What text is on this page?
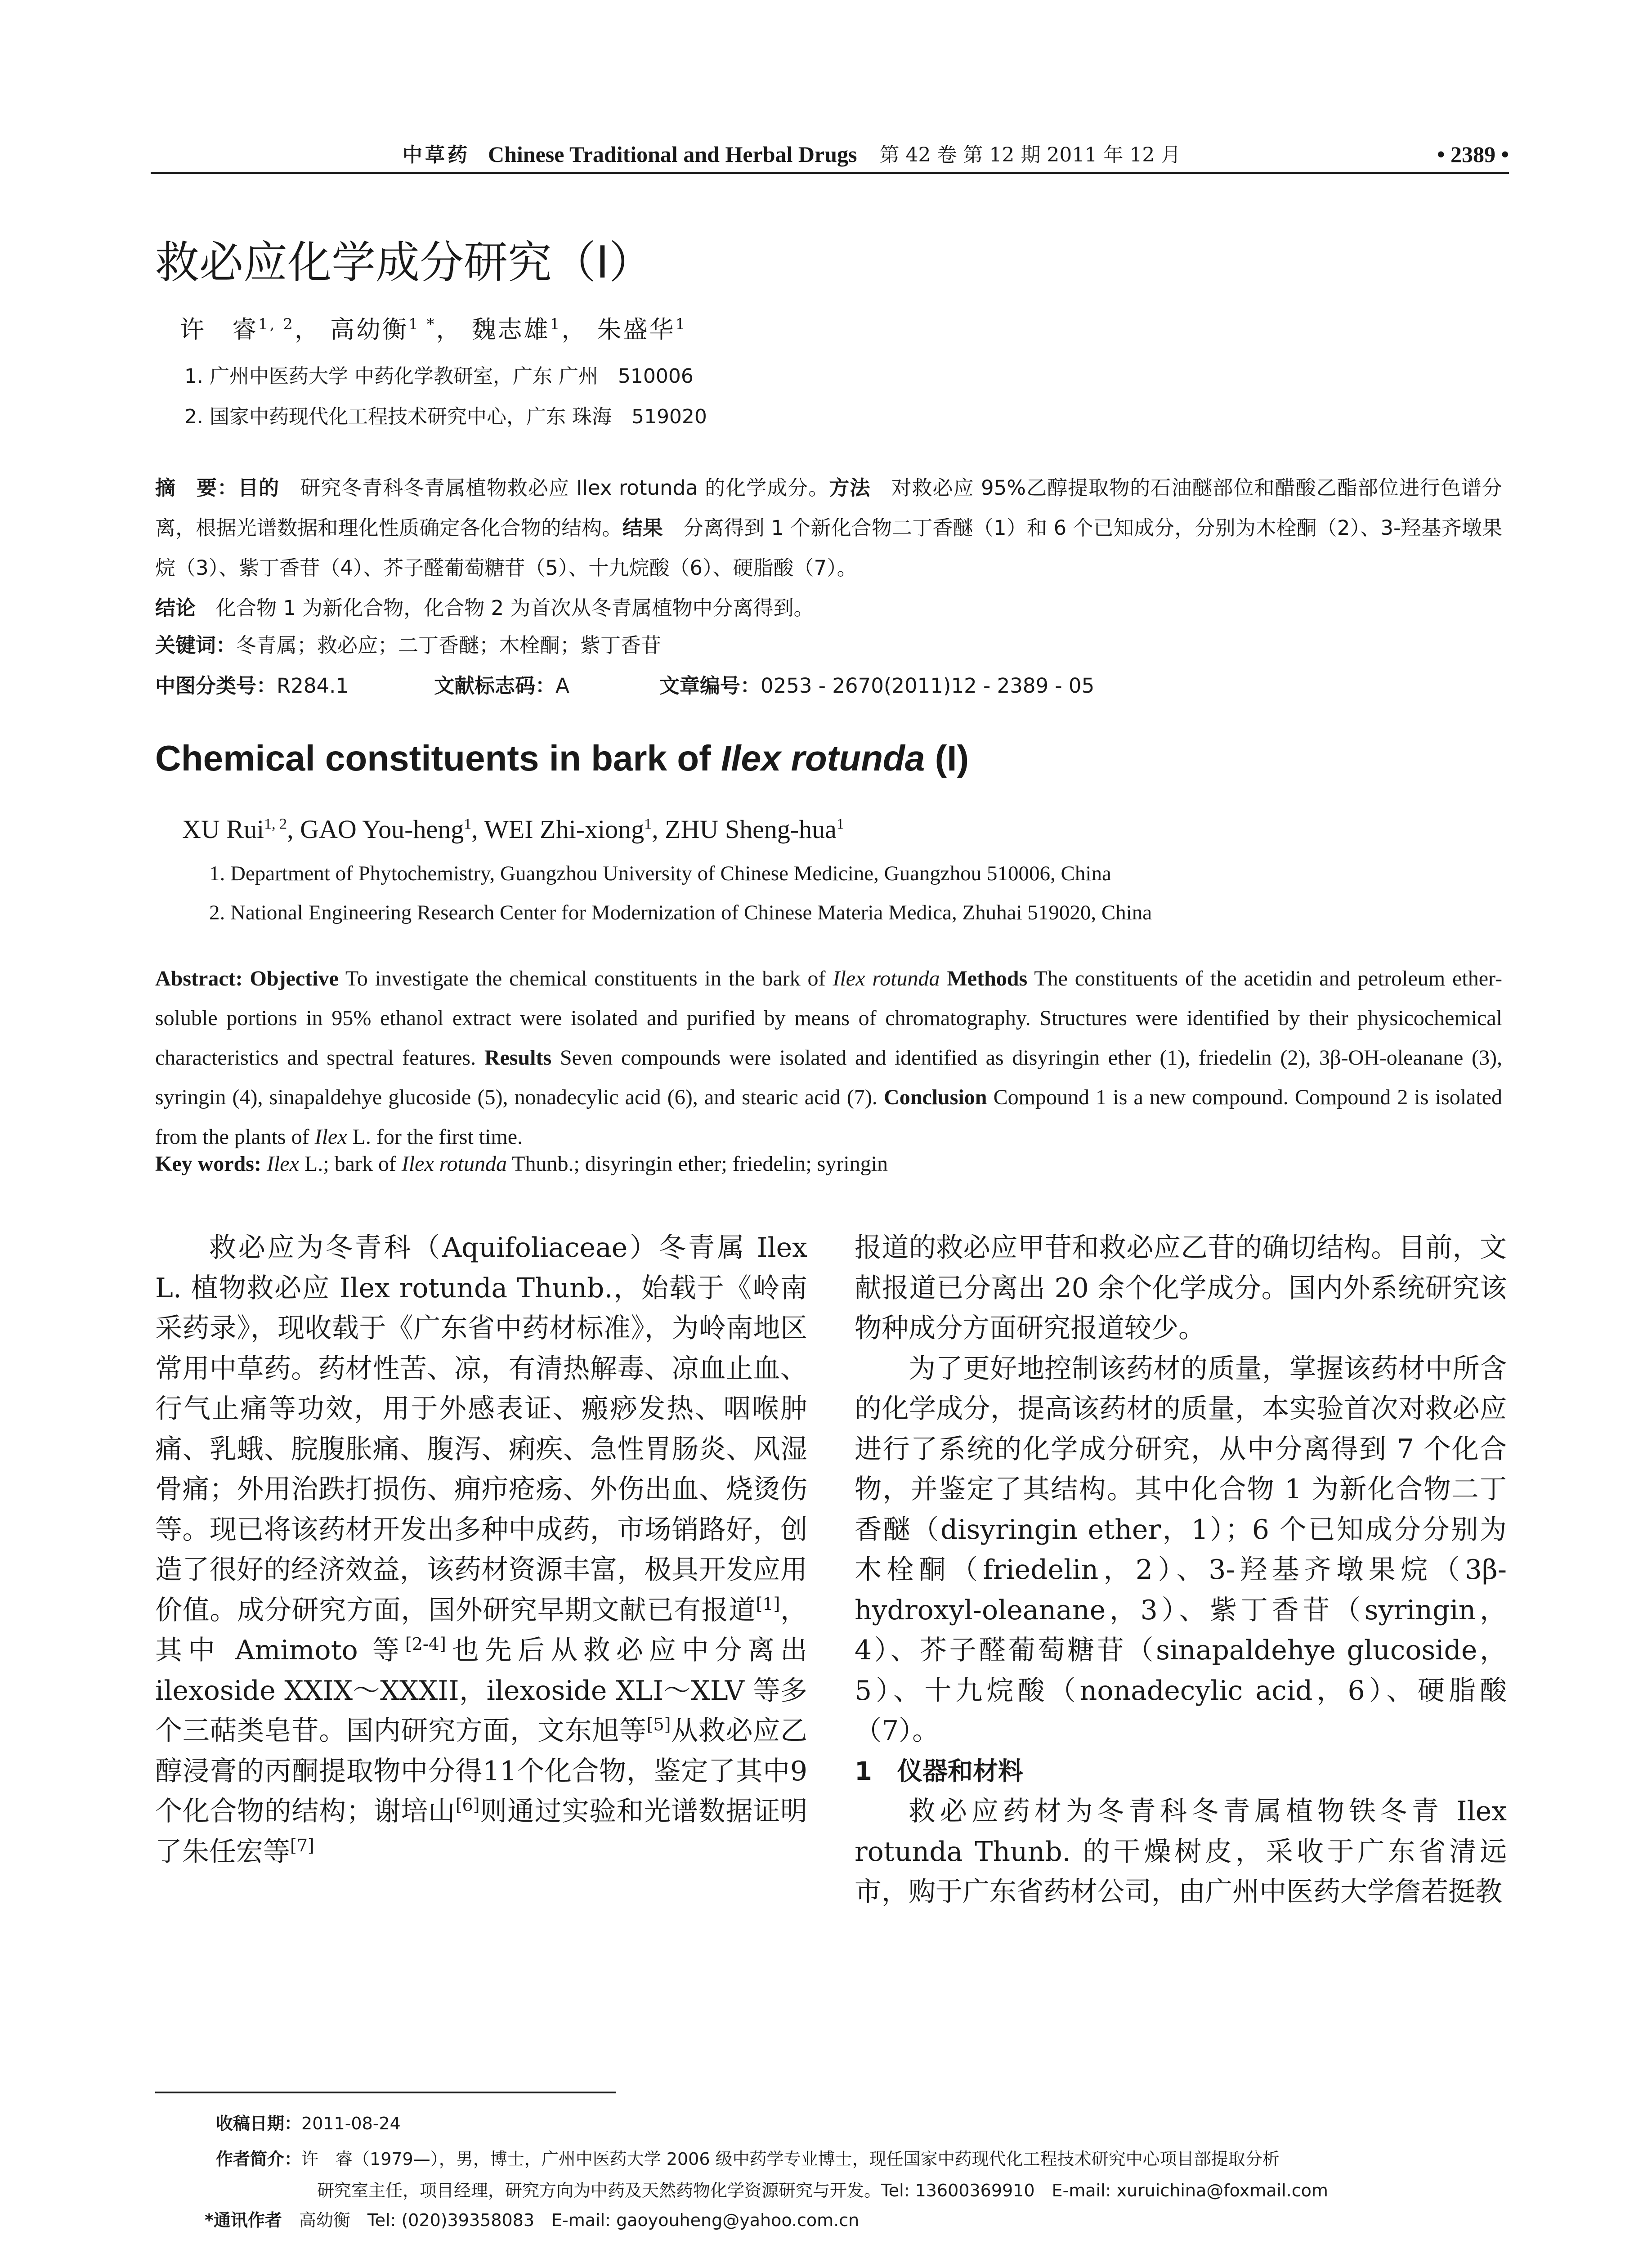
中草药 Chinese Traditional and Herbal Drugs 第 42 卷 第 12 期 2011 年 12 月	• 2389 •
救必应化学成分研究（I）
许　睿$^{1, 2}$， 高幼衡$^{1 *}$， 魏志雄$^1$， 朱盛华$^1$
1. 广州中医药大学 中药化学教研室，广东 广州　510006
2. 国家中药现代化工程技术研究中心，广东 珠海　519020
摘　要：目的　研究冬青科冬青属植物救必应 Ilex rotunda 的化学成分。方法　对救必应 95%乙醇提取物的石油醚部位和醋酸乙酯部位进行色谱分离，根据光谱数据和理化性质确定各化合物的结构。结果　分离得到 1 个新化合物二丁香醚（1）和 6 个已知成分，分别为木栓酮（2）、3-羟基齐墩果烷（3）、紫丁香苷（4）、芥子醛葡萄糖苷（5）、十九烷酸（6）、硬脂酸（7）。
结论　化合物 1 为新化合物，化合物 2 为首次从冬青属植物中分离得到。
关键词：冬青属；救必应；二丁香醚；木栓酮；紫丁香苷
中图分类号：R284.1	文献标志码：A	文章编号：0253 - 2670(2011)12 - 2389 - 05
Chemical constituents in bark of Ilex rotunda (I)
XU Rui$^{1, 2}$, GAO You-heng$^1$, WEI Zhi-xiong$^1$, ZHU Sheng-hua$^1$
1. Department of Phytochemistry, Guangzhou University of Chinese Medicine, Guangzhou 510006, China
2. National Engineering Research Center for Modernization of Chinese Materia Medica, Zhuhai 519020, China
Abstract: Objective To investigate the chemical constituents in the bark of Ilex rotunda Methods The constituents of the acetidin and petroleum ether-soluble portions in 95% ethanol extract were isolated and purified by means of chromatography. Structures were identified by their physicochemical characteristics and spectral features. Results Seven compounds were isolated and identified as disyringin ether (1), friedelin (2), 3β-OH-oleanane (3), syringin (4), sinapaldehye glucoside (5), nonadecylic acid (6), and stearic acid (7). Conclusion Compound 1 is a new compound. Compound 2 is isolated from the plants of Ilex L. for the first time.
Key words: Ilex L.; bark of Ilex rotunda Thunb.; disyringin ether; friedelin; syringin

救必应为冬青科（Aquifoliaceae）冬青属 Ilex L. 植物救必应 Ilex rotunda Thunb.，始载于《岭南采药录》，现收载于《广东省中药材标准》，为岭南地区常用中草药。药材性苦、凉，有清热解毒、凉血止血、行气止痛等功效，用于外感表证、瘢痧发热、咽喉肿痛、乳蛾、脘腹胀痛、腹泻、痢疾、急性胃肠炎、风湿骨痛；外用治跌打损伤、痈疖疮疡、外伤出血、烧烫伤等。现已将该药材开发出多种中成药，市场销路好，创造了很好的经济效益，该药材资源丰富，极具开发应用价值。成分研究方面，国外研究早期文献已有报道[1]，其中 Amimoto 等[2-4]也先后从救必应中分离出 ilexoside XXIX～XXXII，ilexoside XLI～XLV 等多个三萜类皂苷。国内研究方面，文东旭等[5]从救必应乙醇浸膏的丙酮提取物中分得11个化合物，鉴定了其中9个化合物的结构；谢培山[6]则通过实验和光谱数据证明了朱任宏等[7]

报道的救必应甲苷和救必应乙苷的确切结构。目前，文献报道已分离出 20 余个化学成分。国内外系统研究该物种成分方面研究报道较少。

为了更好地控制该药材的质量，掌握该药材中所含的化学成分，提高该药材的质量，本实验首次对救必应进行了系统的化学成分研究，从中分离得到 7 个化合物，并鉴定了其结构。其中化合物 1 为新化合物二丁香醚（disyringin ether，1）；6 个已知成分分别为木栓酮（friedelin，2）、3-羟基齐墩果烷（3β-hydroxyl-oleanane，3）、紫丁香苷（syringin，4）、芥子醛葡萄糖苷（sinapaldehye glucoside，5）、十九烷酸（nonadecylic acid，6）、硬脂酸（7）。

1　仪器和材料

救必应药材为冬青科冬青属植物铁冬青 Ilex rotunda Thunb. 的干燥树皮，采收于广东省清远市，购于广东省药材公司，由广州中医药大学詹若挺教

收稿日期：2011-08-24
作者简介：许　睿（1979—），男，博士，广州中医药大学 2006 级中药学专业博士，现任国家中药现代化工程技术研究中心项目部提取分析
研究室主任，项目经理，研究方向为中药及天然药物化学资源研究与开发。Tel: 13600369910　E-mail: xuruichina@foxmail.com
*通讯作者　高幼衡　Tel: (020)39358083　E-mail: gaoyouheng@yahoo.com.cn
